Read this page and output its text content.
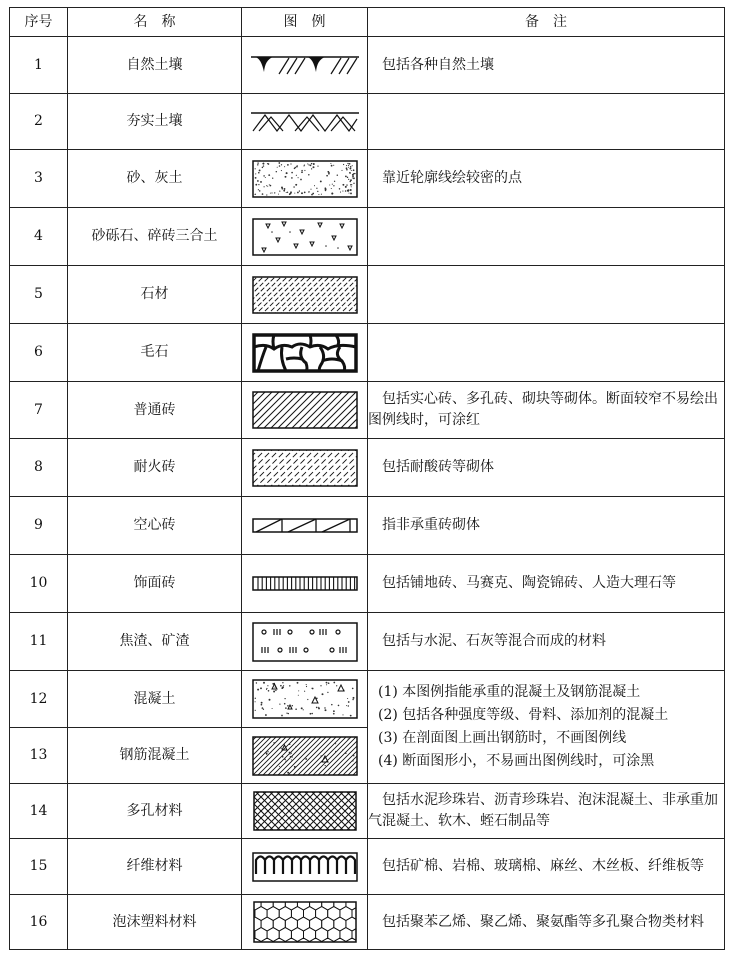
序号	名　称	图　例	备　注
1	自然土壤		包括各种自然土壤

2	夯实土壤	

3	砂、灰土		靠近轮廓线绘较密的点

4	砂砾石、碎砖三合土	

5	石材	

6	毛石	

7	普通砖		包括实心砖、多孔砖、砌块等砌体。断面较窄不易绘出图例线时，可涂红

8	耐火砖		包括耐酸砖等砌体

9	空心砖		指非承重砖砌体

10	饰面砖		包括铺地砖、马赛克、陶瓷锦砖、人造大理石等

11	焦渣、矿渣		包括与水泥、石灰等混合而成的材料

12	混凝土		(1) 本图例指能承重的混凝土及钢筋混凝土
(2) 包括各种强度等级、骨料、添加剂的混凝土
(3) 在剖面图上画出钢筋时，不画图例线
(4) 断面图形小，不易画出图例线时，可涂黑

13	钢筋混凝土	

14	多孔材料		包括水泥珍珠岩、沥青珍珠岩、泡沫混凝土、非承重加气混凝土、软木、蛭石制品等

15	纤维材料		包括矿棉、岩棉、玻璃棉、麻丝、木丝板、纤维板等

16	泡沫塑料材料		包括聚苯乙烯、聚乙烯、聚氨酯等多孔聚合物类材料
